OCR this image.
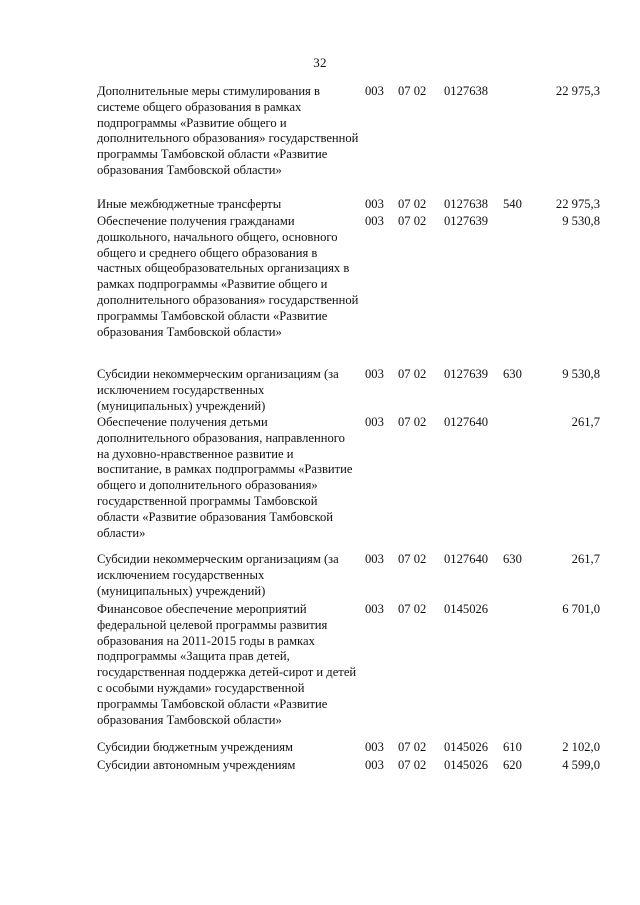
32
Дополнительные меры стимулирования в системе общего образования в рамках подпрограммы «Развитие общего и дополнительного образования» государственной программы Тамбовской области «Развитие образования Тамбовской области»
003 07 02 0127638	22 975,3
Иные межбюджетные трансферты	003 07 02 0127638 540	22 975,3
Обеспечение получения гражданами дошкольного, начального общего, основного общего и среднего общего образования в частных общеобразовательных организациях в рамках подпрограммы «Развитие общего и дополнительного образования» государственной программы Тамбовской области «Развитие образования Тамбовской области»
003 07 02 0127639	9 530,8
Субсидии некоммерческим организациям (за исключением государственных (муниципальных) учреждений)
003 07 02 0127639 630	9 530,8
Обеспечение получения детьми дополнительного образования, направленного на духовно-нравственное развитие и воспитание, в рамках подпрограммы «Развитие общего и дополнительного образования» государственной программы Тамбовской области «Развитие образования Тамбовской области»
003 07 02 0127640	261,7
Субсидии некоммерческим организациям (за исключением государственных (муниципальных) учреждений)
003 07 02 0127640 630	261,7
Финансовое обеспечение мероприятий федеральной целевой программы развития образования на 2011-2015 годы в рамках подпрограммы «Защита прав детей, государственная поддержка детей-сирот и детей с особыми нуждами» государственной программы Тамбовской области «Развитие образования Тамбовской области»
003 07 02 0145026	6 701,0
Субсидии бюджетным учреждениям	003 07 02 0145026 610	2 102,0
Субсидии автономным учреждениям	003 07 02 0145026 620	4 599,0
